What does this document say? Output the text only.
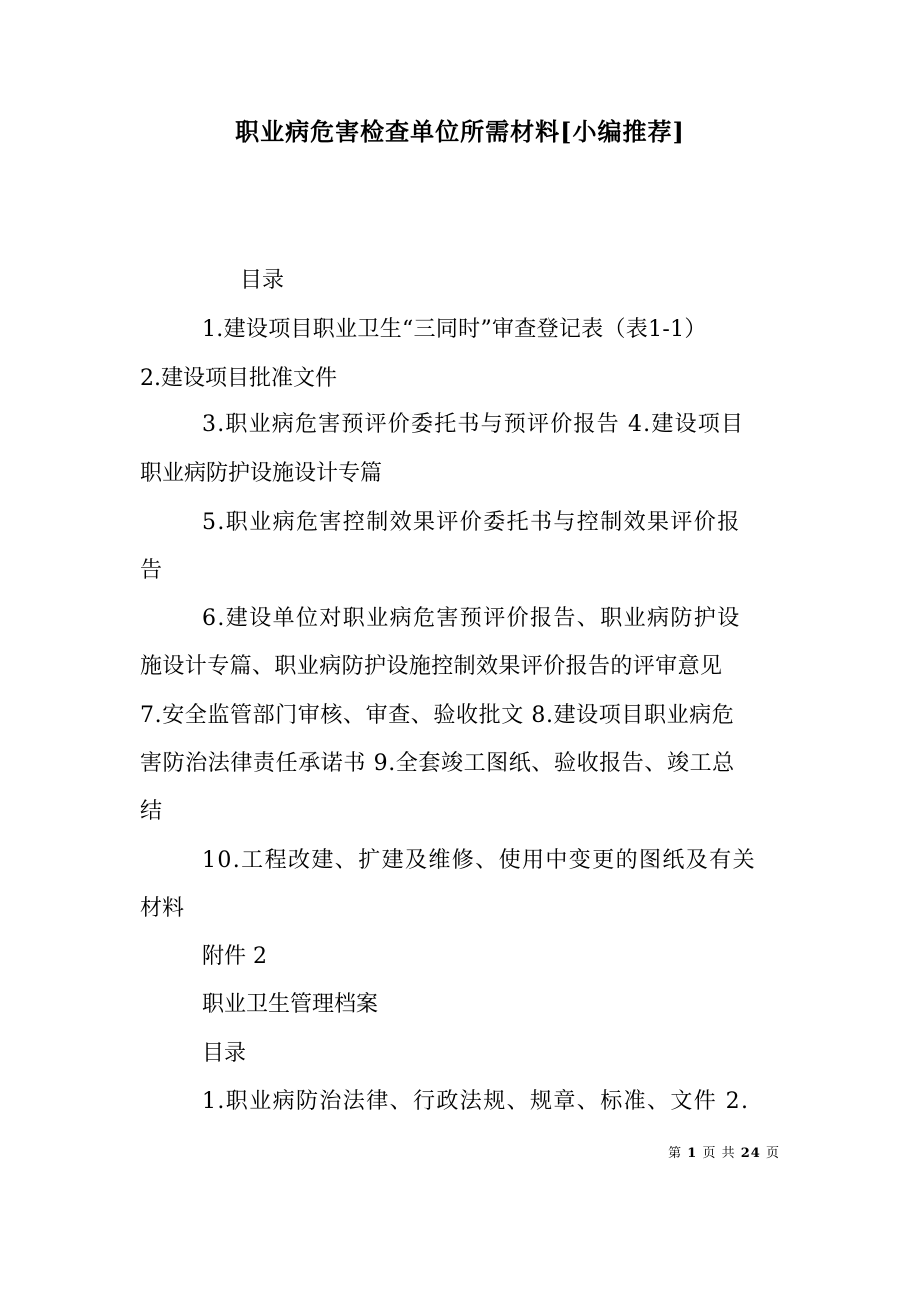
职业病危害检查单位所需材料[小编推荐]
目录
1.建设项目职业卫生“三同时”审查登记表（表1-1）
2.建设项目批准文件
3.职业病危害预评价委托书与预评价报告 4.建设项目
职业病防护设施设计专篇
5.职业病危害控制效果评价委托书与控制效果评价报
告
6.建设单位对职业病危害预评价报告、职业病防护设
施设计专篇、职业病防护设施控制效果评价报告的评审意见
7.安全监管部门审核、审查、验收批文 8.建设项目职业病危
害防治法律责任承诺书 9.全套竣工图纸、验收报告、竣工总
结
10.工程改建、扩建及维修、使用中变更的图纸及有关
材料
附件 2
职业卫生管理档案
目录
1.职业病防治法律、行政法规、规章、标准、文件 2.
第 1 页 共 24 页
